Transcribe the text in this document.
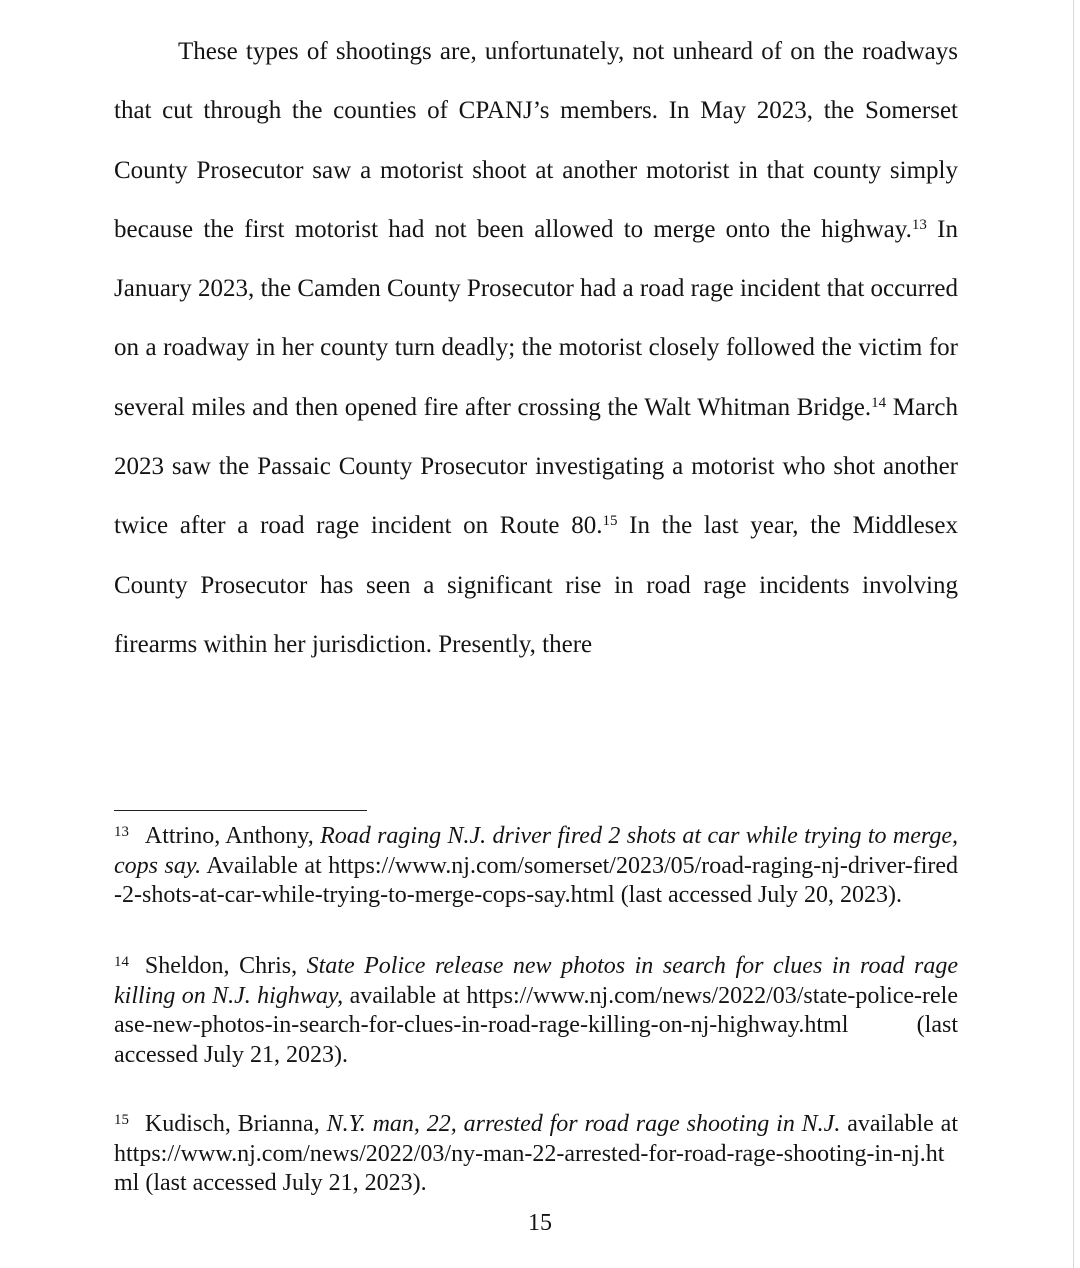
These types of shootings are, unfortunately, not unheard of on the roadways that cut through the counties of CPANJ’s members. In May 2023, the Somerset County Prosecutor saw a motorist shoot at another motorist in that county simply because the first motorist had not been allowed to merge onto the highway.$^{13}$ In January 2023, the Camden County Prosecutor had a road rage incident that occurred on a roadway in her county turn deadly; the motorist closely followed the victim for several miles and then opened fire after crossing the Walt Whitman Bridge.$^{14}$ March 2023 saw the Passaic County Prosecutor investigating a motorist who shot another twice after a road rage incident on Route 80.15 In the last year, the Middlesex County Prosecutor has seen a significant rise in road rage incidents involving firearms within her jurisdiction. Presently, there

$^{13}$ Attrino, Anthony, Road raging N.J. driver fired 2 shots at car while trying to merge, cops say. Available at https://www.nj.com/somerset/2023/05/road-raging-nj-driver-fired-2-shots-at-car-while-trying-to-merge-cops-say.html (last accessed July 20, 2023).

$^{14}$ Sheldon, Chris, State Police release new photos in search for clues in road rage killing on N.J. highway, available at https://www.nj.com/news/2022/03/state-police-release-new-photos-in-search-for-clues-in-road-rage-killing-on-nj-highway.html (last accessed July 21, 2023).

$^{15}$ Kudisch, Brianna, N.Y. man, 22, arrested for road rage shooting in N.J. available at https://www.nj.com/news/2022/03/ny-man-22-arrested-for-road-rage-shooting-in-nj.html (last accessed July 21, 2023).

15
